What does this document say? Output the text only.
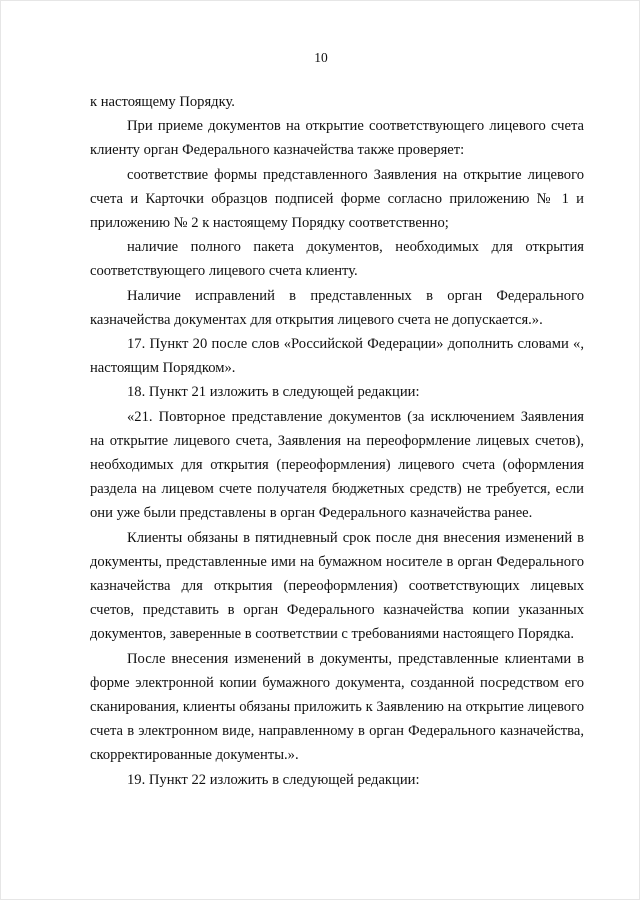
10

к настоящему Порядку.

При приеме документов на открытие соответствующего лицевого счета клиенту орган Федерального казначейства также проверяет:

соответствие формы представленного Заявления на открытие лицевого счета и Карточки образцов подписей форме согласно приложению № 1 и приложению № 2 к настоящему Порядку соответственно;

наличие полного пакета документов, необходимых для открытия соответствующего лицевого счета клиенту.

Наличие исправлений в представленных в орган Федерального казначейства документах для открытия лицевого счета не допускается.».

17. Пункт 20 после слов «Российской Федерации» дополнить словами «, настоящим Порядком».

18. Пункт 21 изложить в следующей редакции:

«21. Повторное представление документов (за исключением Заявления на открытие лицевого счета, Заявления на переоформление лицевых счетов), необходимых для открытия (переоформления) лицевого счета (оформления раздела на лицевом счете получателя бюджетных средств) не требуется, если они уже были представлены в орган Федерального казначейства ранее.

Клиенты обязаны в пятидневный срок после дня внесения изменений в документы, представленные ими на бумажном носителе в орган Федерального казначейства для открытия (переоформления) соответствующих лицевых счетов, представить в орган Федерального казначейства копии указанных документов, заверенные в соответствии с требованиями настоящего Порядка.

После внесения изменений в документы, представленные клиентами в форме электронной копии бумажного документа, созданной посредством его сканирования, клиенты обязаны приложить к Заявлению на открытие лицевого счета в электронном виде, направленному в орган Федерального казначейства, скорректированные документы.».

19. Пункт 22 изложить в следующей редакции:
